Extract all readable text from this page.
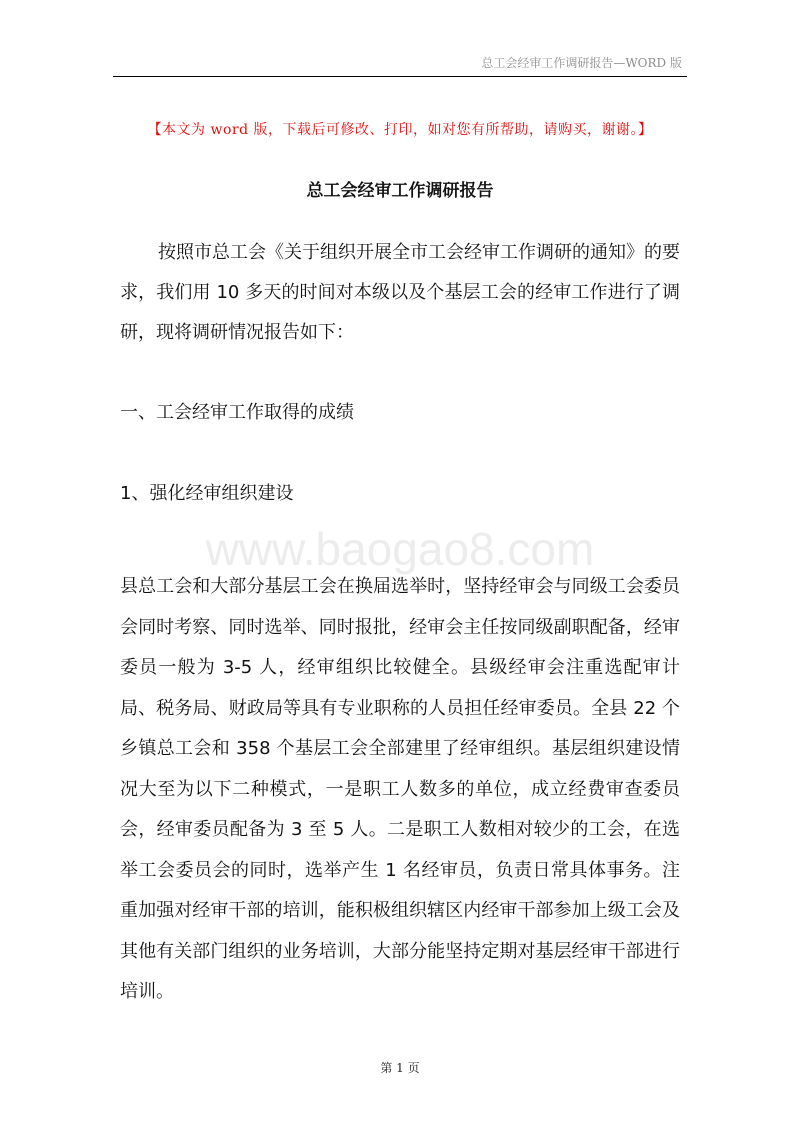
总工会经审工作调研报告—WORD 版
【本文为 word 版，下载后可修改、打印，如对您有所帮助，请购买，谢谢。】
总工会经审工作调研报告
www.baogao8.com

按照市总工会《关于组织开展全市工会经审工作调研的通知》的要求，我们用 10 多天的时间对本级以及个基层工会的经审工作进行了调研，现将调研情况报告如下：

一、工会经审工作取得的成绩

1、强化经审组织建设

县总工会和大部分基层工会在换届选举时，坚持经审会与同级工会委员会同时考察、同时选举、同时报批，经审会主任按同级副职配备，经审委员一般为 3-5 人，经审组织比较健全。县级经审会注重选配审计局、税务局、财政局等具有专业职称的人员担任经审委员。全县 22 个乡镇总工会和 358 个基层工会全部建里了经审组织。基层组织建设情况大至为以下二种模式，一是职工人数多的单位，成立经费审查委员会，经审委员配备为 3 至 5 人。二是职工人数相对较少的工会，在选举工会委员会的同时，选举产生 1 名经审员，负责日常具体事务。注重加强对经审干部的培训，能积极组织辖区内经审干部参加上级工会及其他有关部门组织的业务培训，大部分能坚持定期对基层经审干部进行培训。

第 1 页
